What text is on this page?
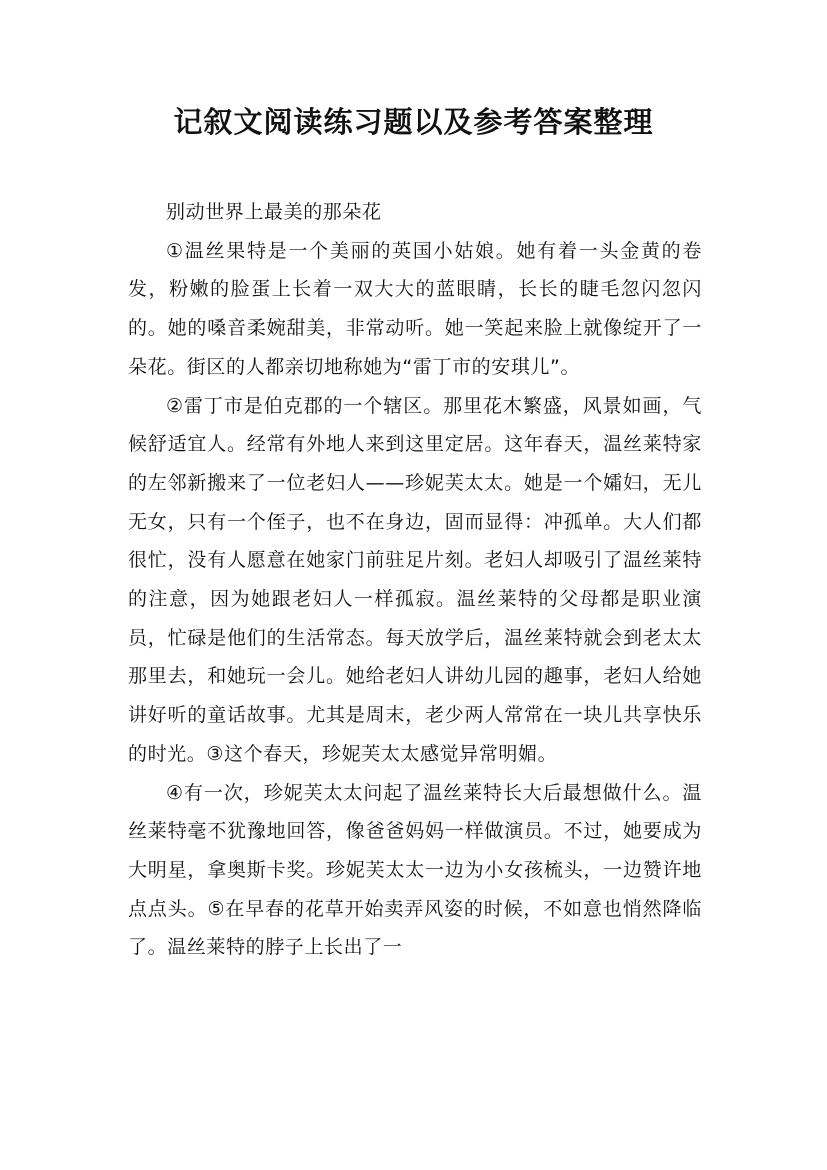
记叙文阅读练习题以及参考答案整理

别动世界上最美的那朵花

①温丝果特是一个美丽的英国小姑娘。她有着一头金黄的卷发，粉嫩的脸蛋上长着一双大大的蓝眼睛，长长的睫毛忽闪忽闪的。她的嗓音柔婉甜美，非常动听。她一笑起来脸上就像绽开了一朵花。街区的人都亲切地称她为“雷丁市的安琪儿”。

②雷丁市是伯克郡的一个辖区。那里花木繁盛，风景如画，气候舒适宜人。经常有外地人来到这里定居。这年春天，温丝莱特家的左邻新搬来了一位老妇人——珍妮芙太太。她是一个孀妇，无儿无女，只有一个侄子，也不在身边，固而显得：冲孤单。大人们都很忙，没有人愿意在她家门前驻足片刻。老妇人却吸引了温丝莱特的注意，因为她跟老妇人一样孤寂。温丝莱特的父母都是职业演员，忙碌是他们的生活常态。每天放学后，温丝莱特就会到老太太那里去，和她玩一会儿。她给老妇人讲幼儿园的趣事，老妇人给她讲好听的童话故事。尤其是周末，老少两人常常在一块儿共享快乐的时光。③这个春天，珍妮芙太太感觉异常明媚。

④有一次，珍妮芙太太问起了温丝莱特长大后最想做什么。温丝莱特毫不犹豫地回答，像爸爸妈妈一样做演员。不过，她要成为大明星，拿奥斯卡奖。珍妮芙太太一边为小女孩梳头，一边赞许地点点头。⑤在早春的花草开始卖弄风姿的时候，不如意也悄然降临了。温丝莱特的脖子上长出了一
